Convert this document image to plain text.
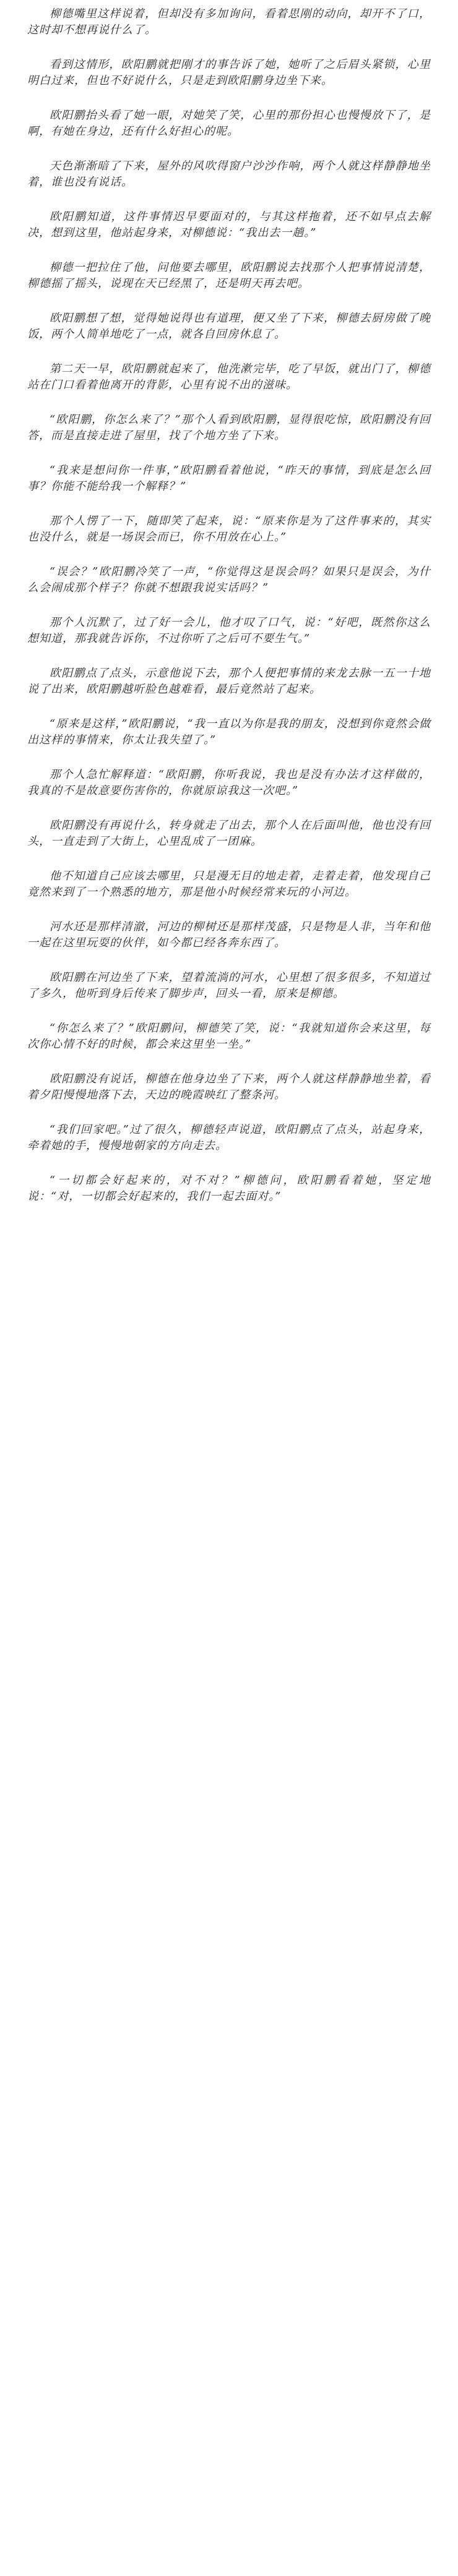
柳德嘴里这样说着，但却没有多加询问，看着思刚的动向，却开不了口，这时却不想再说什么了。

看到这情形，欧阳鹏就把刚才的事告诉了她，她听了之后眉头紧锁，心里明白过来，但也不好说什么，只是走到欧阳鹏身边坐下来。

欧阳鹏抬头看了她一眼，对她笑了笑，心里的那份担心也慢慢放下了，是啊，有她在身边，还有什么好担心的呢。

天色渐渐暗了下来，屋外的风吹得窗户沙沙作响，两个人就这样静静地坐着，谁也没有说话。

欧阳鹏知道，这件事情迟早要面对的，与其这样拖着，还不如早点去解决，想到这里，他站起身来，对柳德说：“我出去一趟。”

柳德一把拉住了他，问他要去哪里，欧阳鹏说去找那个人把事情说清楚，柳德摇了摇头，说现在天已经黑了，还是明天再去吧。

欧阳鹏想了想，觉得她说得也有道理，便又坐了下来，柳德去厨房做了晚饭，两个人简单地吃了一点，就各自回房休息了。

第二天一早，欧阳鹏就起来了，他洗漱完毕，吃了早饭，就出门了，柳德站在门口看着他离开的背影，心里有说不出的滋味。

“欧阳鹏，你怎么来了？”那个人看到欧阳鹏，显得很吃惊，欧阳鹏没有回答，而是直接走进了屋里，找了个地方坐了下来。

“我来是想问你一件事，”欧阳鹏看着他说，“昨天的事情，到底是怎么回事？你能不能给我一个解释？”

那个人愣了一下，随即笑了起来，说：“原来你是为了这件事来的，其实也没什么，就是一场误会而已，你不用放在心上。”

“误会？”欧阳鹏冷笑了一声，“你觉得这是误会吗？如果只是误会，为什么会闹成那个样子？你就不想跟我说实话吗？”

那个人沉默了，过了好一会儿，他才叹了口气，说：“好吧，既然你这么想知道，那我就告诉你，不过你听了之后可不要生气。”

欧阳鹏点了点头，示意他说下去，那个人便把事情的来龙去脉一五一十地说了出来，欧阳鹏越听脸色越难看，最后竟然站了起来。

“原来是这样，”欧阳鹏说，“我一直以为你是我的朋友，没想到你竟然会做出这样的事情来，你太让我失望了。”

那个人急忙解释道：“欧阳鹏，你听我说，我也是没有办法才这样做的，我真的不是故意要伤害你的，你就原谅我这一次吧。”

欧阳鹏没有再说什么，转身就走了出去，那个人在后面叫他，他也没有回头，一直走到了大街上，心里乱成了一团麻。

他不知道自己应该去哪里，只是漫无目的地走着，走着走着，他发现自己竟然来到了一个熟悉的地方，那是他小时候经常来玩的小河边。

河水还是那样清澈，河边的柳树还是那样茂盛，只是物是人非，当年和他一起在这里玩耍的伙伴，如今都已经各奔东西了。

欧阳鹏在河边坐了下来，望着流淌的河水，心里想了很多很多，不知道过了多久，他听到身后传来了脚步声，回头一看，原来是柳德。

“你怎么来了？”欧阳鹏问，柳德笑了笑，说：“我就知道你会来这里，每次你心情不好的时候，都会来这里坐一坐。”

欧阳鹏没有说话，柳德在他身边坐了下来，两个人就这样静静地坐着，看着夕阳慢慢地落下去，天边的晚霞映红了整条河。

“我们回家吧。”过了很久，柳德轻声说道，欧阳鹏点了点头，站起身来，牵着她的手，慢慢地朝家的方向走去。

“一切都会好起来的，对不对？”柳德问，欧阳鹏看着她，坚定地说：“对，一切都会好起来的，我们一起去面对。”
